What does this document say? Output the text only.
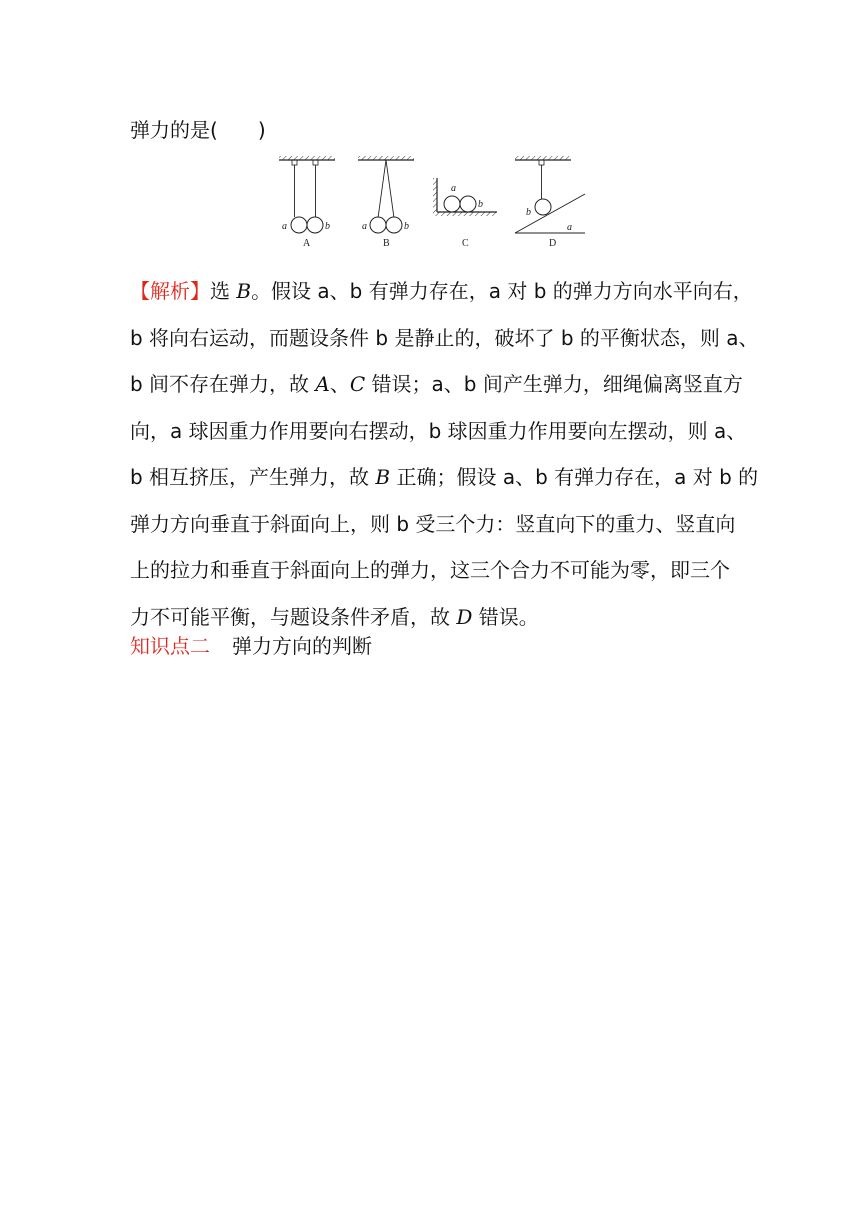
弹力的是( )
a	b
A
a	b
B
a
b
C
b
a
D

【解析】选 B。假设 a、b 有弹力存在，a 对 b 的弹力方向水平向右，

b 将向右运动，而题设条件 b 是静止的，破坏了 b 的平衡状态，则 a、

b 间不存在弹力，故 A、C 错误；a、b 间产生弹力，细绳偏离竖直方

向，a 球因重力作用要向右摆动，b 球因重力作用要向左摆动，则 a、

b 相互挤压，产生弹力，故 B 正确；假设 a、b 有弹力存在，a 对 b 的

弹力方向垂直于斜面向上，则 b 受三个力：竖直向下的重力、竖直向

上的拉力和垂直于斜面向上的弹力，这三个合力不可能为零，即三个

力不可能平衡，与题设条件矛盾，故 D 错误。

知识点二 弹力方向的判断
